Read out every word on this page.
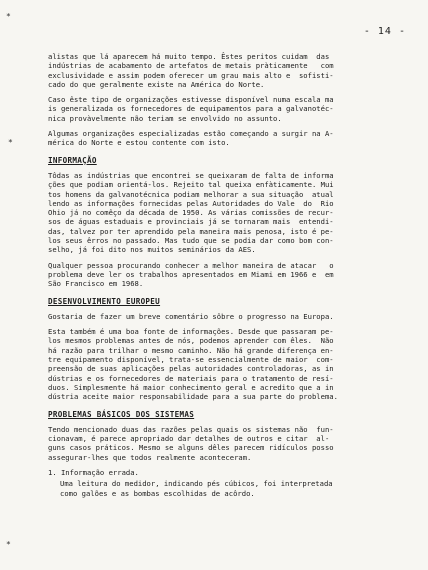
*
*
*
- 14 -

alistas que lá aparecem há muito tempo. Êstes peritos cuidam  das
indústrias de acabamento de artefatos de metais pràticamente   com
exclusividade e assim podem oferecer um grau mais alto e  sofisti-
cado do que geralmente existe na América do Norte.

Caso êste tipo de organizações estivesse disponível numa escala ma
is generalizada os fornecedores de equipamentos para a galvanotéc-
nica provàvelmente não teriam se envolvido no assunto.

Algumas organizações especializadas estão começando a surgir na A-
mérica do Norte e estou contente com isto.

INFORMAÇÃO

Tôdas as indústrias que encontrei se queixaram de falta de informa
ções que podiam orientá-los. Rejeito tal queixa enfàticamente. Mui
tos homens da galvanotécnica podiam melhorar a sua situação  atual
lendo as informações fornecidas pelas Autoridades do Vale  do  Rio
Ohio já no comêço da década de 1950. As várias comissões de recur-
sos de águas estaduais e provinciais já se tornaram mais  entendi-
das, talvez por ter aprendido pela maneira mais penosa, isto é pe-
los seus êrros no passado. Mas tudo que se podia dar como bom con-
selho, já foi dito nos muitos seminários da AES.

Qualquer pessoa procurando conhecer a melhor maneira de atacar   o
problema deve ler os trabalhos apresentados em Miami em 1966 e  em
São Francisco em 1968.

DESENVOLVIMENTO EUROPEU

Gostaria de fazer um breve comentário sôbre o progresso na Europa.

Esta também é uma boa fonte de informações. Desde que passaram pe-
los mesmos problemas antes de nós, podemos aprender com êles.  Não
há razão para trilhar o mesmo caminho. Não há grande diferença en-
tre equipamento disponível, trata-se essencialmente de maior  com-
preensão de suas aplicações pelas autoridades controladoras, as in
dústrias e os fornecedores de materiais para o tratamento de resí-
duos. Simplesmente há maior conhecimento geral e acredito que a in
dústria aceite maior responsabilidade para a sua parte do problema.

PROBLEMAS BÁSICOS DOS SISTEMAS

Tendo mencionado duas das razões pelas quais os sistemas não  fun-
cionavam, é parece apropriado dar detalhes de outros e citar  al-
guns casos práticos. Mesmo se alguns dêles parecem ridículos posso
assegurar-lhes que todos realmente aconteceram.

1. Informação errada.
Uma leitura do medidor, indicando pés cúbicos, foi interpretada
como galões e as bombas escolhidas de acôrdo.
